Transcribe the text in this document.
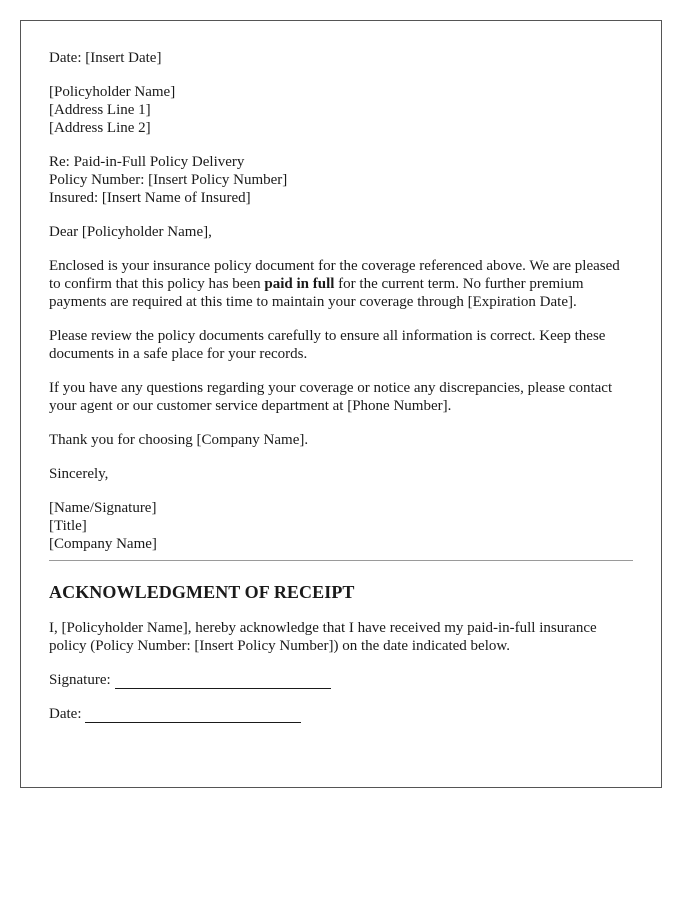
Date: [Insert Date]
[Policyholder Name]
[Address Line 1]
[Address Line 2]
Re: Paid-in-Full Policy Delivery
Policy Number: [Insert Policy Number]
Insured: [Insert Name of Insured]
Dear [Policyholder Name],

Enclosed is your insurance policy document for the coverage referenced above. We are pleased to confirm that this policy has been paid in full for the current term. No further premium payments are required at this time to maintain your coverage through [Expiration Date].

Please review the policy documents carefully to ensure all information is correct. Keep these documents in a safe place for your records.

If you have any questions regarding your coverage or notice any discrepancies, please contact your agent or our customer service department at [Phone Number].

Thank you for choosing [Company Name].

Sincerely,
[Name/Signature]
[Title]
[Company Name]
ACKNOWLEDGMENT OF RECEIPT

I, [Policyholder Name], hereby acknowledge that I have received my paid-in-full insurance policy (Policy Number: [Insert Policy Number]) on the date indicated below.

Signature:
Date:
